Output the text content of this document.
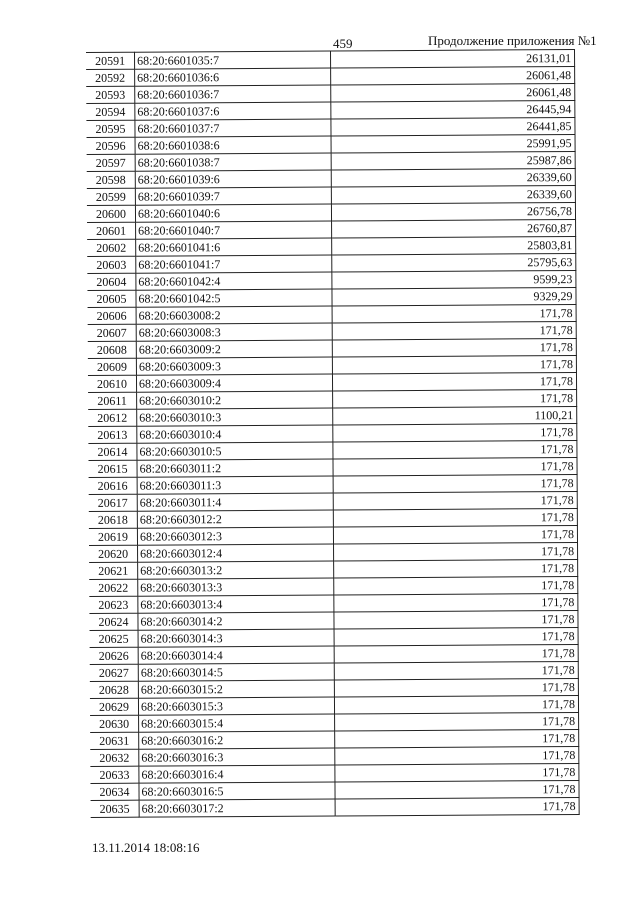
459	Продолжение приложения №1
20591	68:20:6601035:7	26131,01
20592	68:20:6601036:6	26061,48
20593	68:20:6601036:7	26061,48
20594	68:20:6601037:6	26445,94
20595	68:20:6601037:7	26441,85
20596	68:20:6601038:6	25991,95
20597	68:20:6601038:7	25987,86
20598	68:20:6601039:6	26339,60
20599	68:20:6601039:7	26339,60
20600	68:20:6601040:6	26756,78
20601	68:20:6601040:7	26760,87
20602	68:20:6601041:6	25803,81
20603	68:20:6601041:7	25795,63
20604	68:20:6601042:4	9599,23
20605	68:20:6601042:5	9329,29
20606	68:20:6603008:2	171,78
20607	68:20:6603008:3	171,78
20608	68:20:6603009:2	171,78
20609	68:20:6603009:3	171,78
20610	68:20:6603009:4	171,78
20611	68:20:6603010:2	171,78
20612	68:20:6603010:3	1100,21
20613	68:20:6603010:4	171,78
20614	68:20:6603010:5	171,78
20615	68:20:6603011:2	171,78
20616	68:20:6603011:3	171,78
20617	68:20:6603011:4	171,78
20618	68:20:6603012:2	171,78
20619	68:20:6603012:3	171,78
20620	68:20:6603012:4	171,78
20621	68:20:6603013:2	171,78
20622	68:20:6603013:3	171,78
20623	68:20:6603013:4	171,78
20624	68:20:6603014:2	171,78
20625	68:20:6603014:3	171,78
20626	68:20:6603014:4	171,78
20627	68:20:6603014:5	171,78
20628	68:20:6603015:2	171,78
20629	68:20:6603015:3	171,78
20630	68:20:6603015:4	171,78
20631	68:20:6603016:2	171,78
20632	68:20:6603016:3	171,78
20633	68:20:6603016:4	171,78
20634	68:20:6603016:5	171,78
20635	68:20:6603017:2	171,78
13.11.2014 18:08:16
